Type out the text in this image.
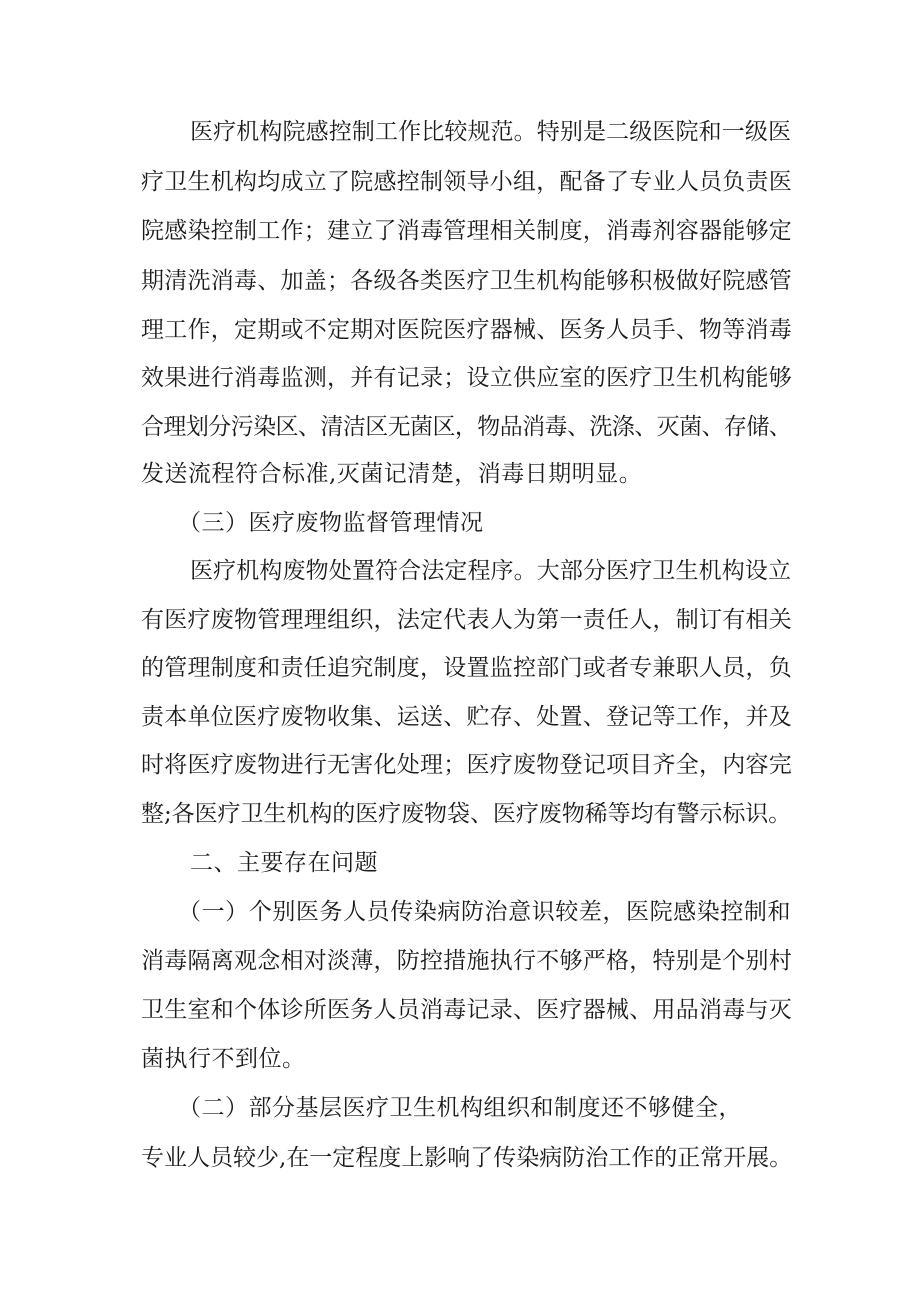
医疗机构院感控制工作比较规范。特别是二级医院和一级医
疗卫生机构均成立了院感控制领导小组，配备了专业人员负责医
院感染控制工作；建立了消毒管理相关制度，消毒剂容器能够定
期清洗消毒、加盖；各级各类医疗卫生机构能够积极做好院感管
理工作，定期或不定期对医院医疗器械、医务人员手、物等消毒
效果进行消毒监测，并有记录；设立供应室的医疗卫生机构能够
合理划分污染区、清洁区无菌区，物品消毒、洗涤、灭菌、存储、
发送流程符合标准,灭菌记清楚，消毒日期明显。
（三）医疗废物监督管理情况
医疗机构废物处置符合法定程序。大部分医疗卫生机构设立
有医疗废物管理理组织，法定代表人为第一责任人，制订有相关
的管理制度和责任追究制度，设置监控部门或者专兼职人员，负
责本单位医疗废物收集、运送、贮存、处置、登记等工作，并及
时将医疗废物进行无害化处理；医疗废物登记项目齐全，内容完
整;各医疗卫生机构的医疗废物袋、医疗废物稀等均有警示标识。
二、主要存在问题
（一）个别医务人员传染病防治意识较差，医院感染控制和
消毒隔离观念相对淡薄，防控措施执行不够严格，特别是个别村
卫生室和个体诊所医务人员消毒记录、医疗器械、用品消毒与灭
菌执行不到位。
（二）部分基层医疗卫生机构组织和制度还不够健全，
专业人员较少,在一定程度上影响了传染病防治工作的正常开展。
